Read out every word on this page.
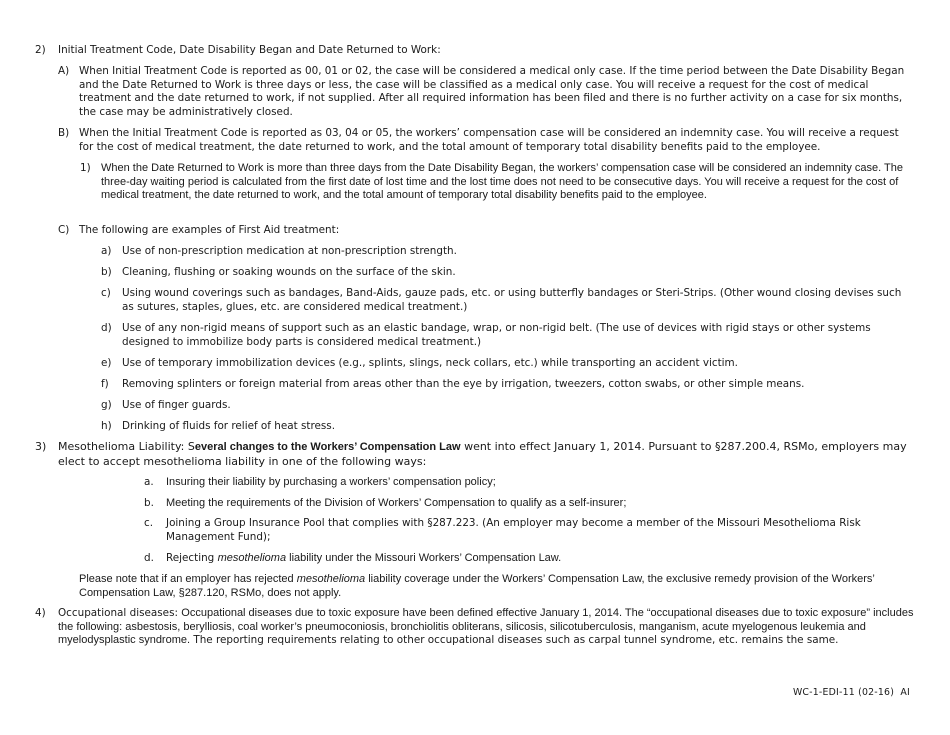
2) Initial Treatment Code, Date Disability Began and Date Returned to Work:
A) When Initial Treatment Code is reported as 00, 01 or 02, the case will be considered a medical only case. If the time period between the Date Disability Began and the Date Returned to Work is three days or less, the case will be classified as a medical only case. You will receive a request for the cost of medical treatment and the date returned to work, if not supplied. After all required information has been filed and there is no further activity on a case for six months, the case may be administratively closed.
B) When the Initial Treatment Code is reported as 03, 04 or 05, the workers’ compensation case will be considered an indemnity case. You will receive a request for the cost of medical treatment, the date returned to work, and the total amount of temporary total disability benefits paid to the employee.
1) When the Date Returned to Work is more than three days from the Date Disability Began, the workers’ compensation case will be considered an indemnity case. The three-day waiting period is calculated from the first date of lost time and the lost time does not need to be consecutive days. You will receive a request for the cost of medical treatment, the date returned to work, and the total amount of temporary total disability benefits paid to the employee.
C) The following are examples of First Aid treatment:
a) Use of non-prescription medication at non-prescription strength.
b) Cleaning, flushing or soaking wounds on the surface of the skin.
c) Using wound coverings such as bandages, Band-Aids, gauze pads, etc. or using butterfly bandages or Steri-Strips. (Other wound closing devises such as sutures, staples, glues, etc. are considered medical treatment.)
d) Use of any non-rigid means of support such as an elastic bandage, wrap, or non-rigid belt. (The use of devices with rigid stays or other systems designed to immobilize body parts is considered medical treatment.)
e) Use of temporary immobilization devices (e.g., splints, slings, neck collars, etc.) while transporting an accident victim.
f) Removing splinters or foreign material from areas other than the eye by irrigation, tweezers, cotton swabs, or other simple means.
g) Use of finger guards.
h) Drinking of fluids for relief of heat stress.
3) Mesothelioma Liability: Several changes to the Workers’ Compensation Law went into effect January 1, 2014. Pursuant to §287.200.4, RSMo, employers may elect to accept mesothelioma liability in one of the following ways:
a. Insuring their liability by purchasing a workers’ compensation policy;
b. Meeting the requirements of the Division of Workers’ Compensation to qualify as a self-insurer;
c. Joining a Group Insurance Pool that complies with §287.223. (An employer may become a member of the Missouri Mesothelioma Risk Management Fund);
d. Rejecting mesothelioma liability under the Missouri Workers’ Compensation Law.
Please note that if an employer has rejected mesothelioma liability coverage under the Workers’ Compensation Law, the exclusive remedy provision of the Workers’ Compensation Law, §287.120, RSMo, does not apply.
4) Occupational diseases: Occupational diseases due to toxic exposure have been defined effective January 1, 2014. The “occupational diseases due to toxic exposure” includes the following: asbestosis, berylliosis, coal worker’s pneumoconiosis, bronchiolitis obliterans, silicosis, silicotuberculosis, manganism, acute myelogenous leukemia and myelodysplastic syndrome. The reporting requirements relating to other occupational diseases such as carpal tunnel syndrome, etc. remains the same.
WC-1-EDI-11 (02-16)  AI
